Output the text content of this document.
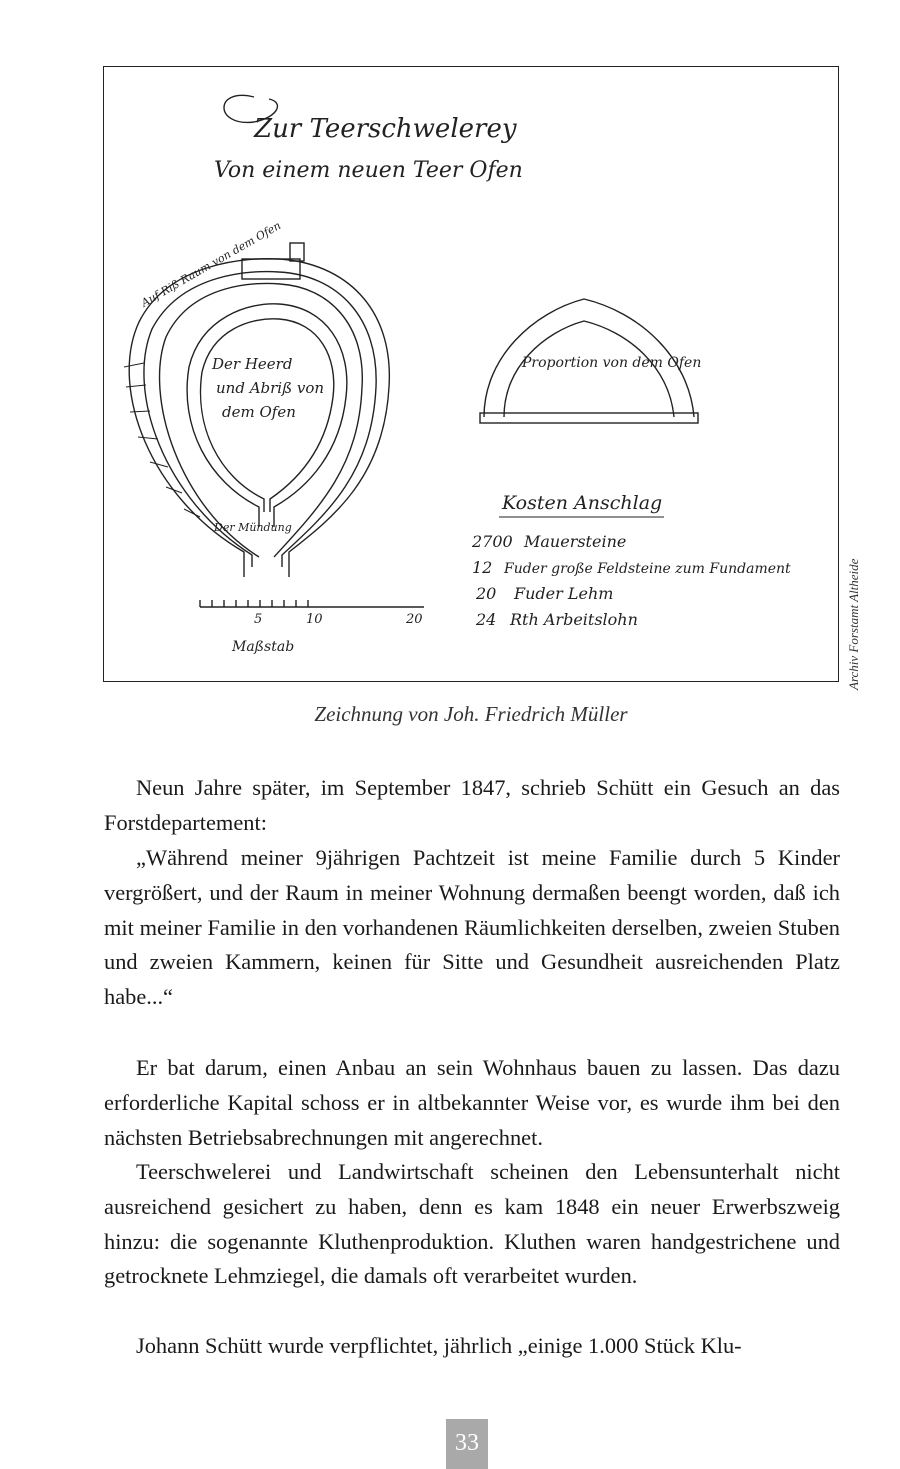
Zur Teerschwelerey
Von einem neuen Teer Ofen
Auf Riß Raum von dem Ofen
Der Heerd
und Abriß von
dem Ofen
Der Mündung
5	10	20
Maßstab
Proportion von dem Ofen
Kosten Anschlag
2700 Mauersteine
12 Fuder große Feldsteine zum Fundament
20 Fuder Lehm
24 Rth Arbeitslohn	Archiv Forstamt Altheide
Zeichnung von Joh. Friedrich Müller

Neun Jahre später, im September 1847, schrieb Schütt ein Gesuch an das Forstdepartement:

„Während meiner 9jährigen Pachtzeit ist meine Familie durch 5 Kinder vergrößert, und der Raum in meiner Wohnung dermaßen beengt worden, daß ich mit meiner Familie in den vorhandenen Räumlichkeiten derselben, zweien Stuben und zweien Kammern, keinen für Sitte und Gesundheit ausreichenden Platz habe...“

Er bat darum, einen Anbau an sein Wohnhaus bauen zu lassen. Das dazu erforderliche Kapital schoss er in altbekannter Weise vor, es wurde ihm bei den nächsten Betriebsabrechnungen mit angerechnet.

Teerschwelerei und Landwirtschaft scheinen den Lebensunterhalt nicht ausreichend gesichert zu haben, denn es kam 1848 ein neuer Erwerbszweig hinzu: die sogenannte Kluthenproduktion. Kluthen waren handgestrichene und getrocknete Lehmziegel, die damals oft verarbeitet wurden.

Johann Schütt wurde verpflichtet, jährlich „einige 1.000 Stück Klu-

33
